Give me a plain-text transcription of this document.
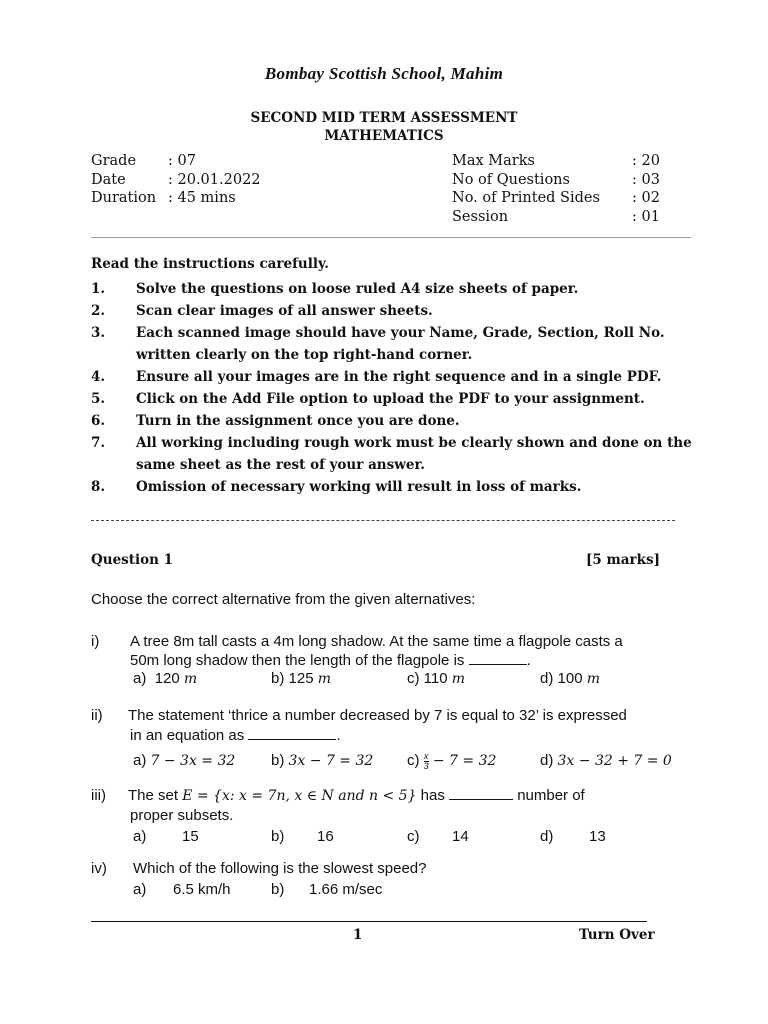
Bombay Scottish School, Mahim
SECOND MID TERM ASSESSMENT
MATHEMATICS
Grade	: 07
Date	: 20.01.2022
Duration : 45 mins
Max Marks	: 20
No of Questions	: 03
No. of Printed Sides	: 02
Session	: 01
Read the instructions carefully.
1.	Solve the questions on loose ruled A4 size sheets of paper.
2.	Scan clear images of all answer sheets.
3.	Each scanned image should have your Name, Grade, Section, Roll No. written clearly on the top right-hand corner.
4.	Ensure all your images are in the right sequence and in a single PDF.
5.	Click on the Add File option to upload the PDF to your assignment.
6.	Turn in the assignment once you are done.
7.	All working including rough work must be clearly shown and done on the same sheet as the rest of your answer.
8.	Omission of necessary working will result in loss of marks.
Question 1	[5 marks]
Choose the correct alternative from the given alternatives:
i) A tree 8m tall casts a 4m long shadow. At the same time a flagpole casts a
50m long shadow then the length of the flagpole is	.
a) 120 m	b) 125 m	c) 110 m	d) 100 m
ii) The statement ‘thrice a number decreased by 7 is equal to 32’ is expressed
in an equation as	.
a) 7 − 3x = 32 b) 3x − 7 = 32 $c) \frac{x}{3} - 7 = 32$	d) 3x − 32 + 7 = 0
iii) The set E = {x: x = 7n, x ∈ N and n < 5} has	number of
proper subsets.
a) 15	b) 16	c) 14	d) 13
iv) Which of the following is the slowest speed?
a) 6.5 km/h	b) 1.66 m/sec
1	Turn Over
